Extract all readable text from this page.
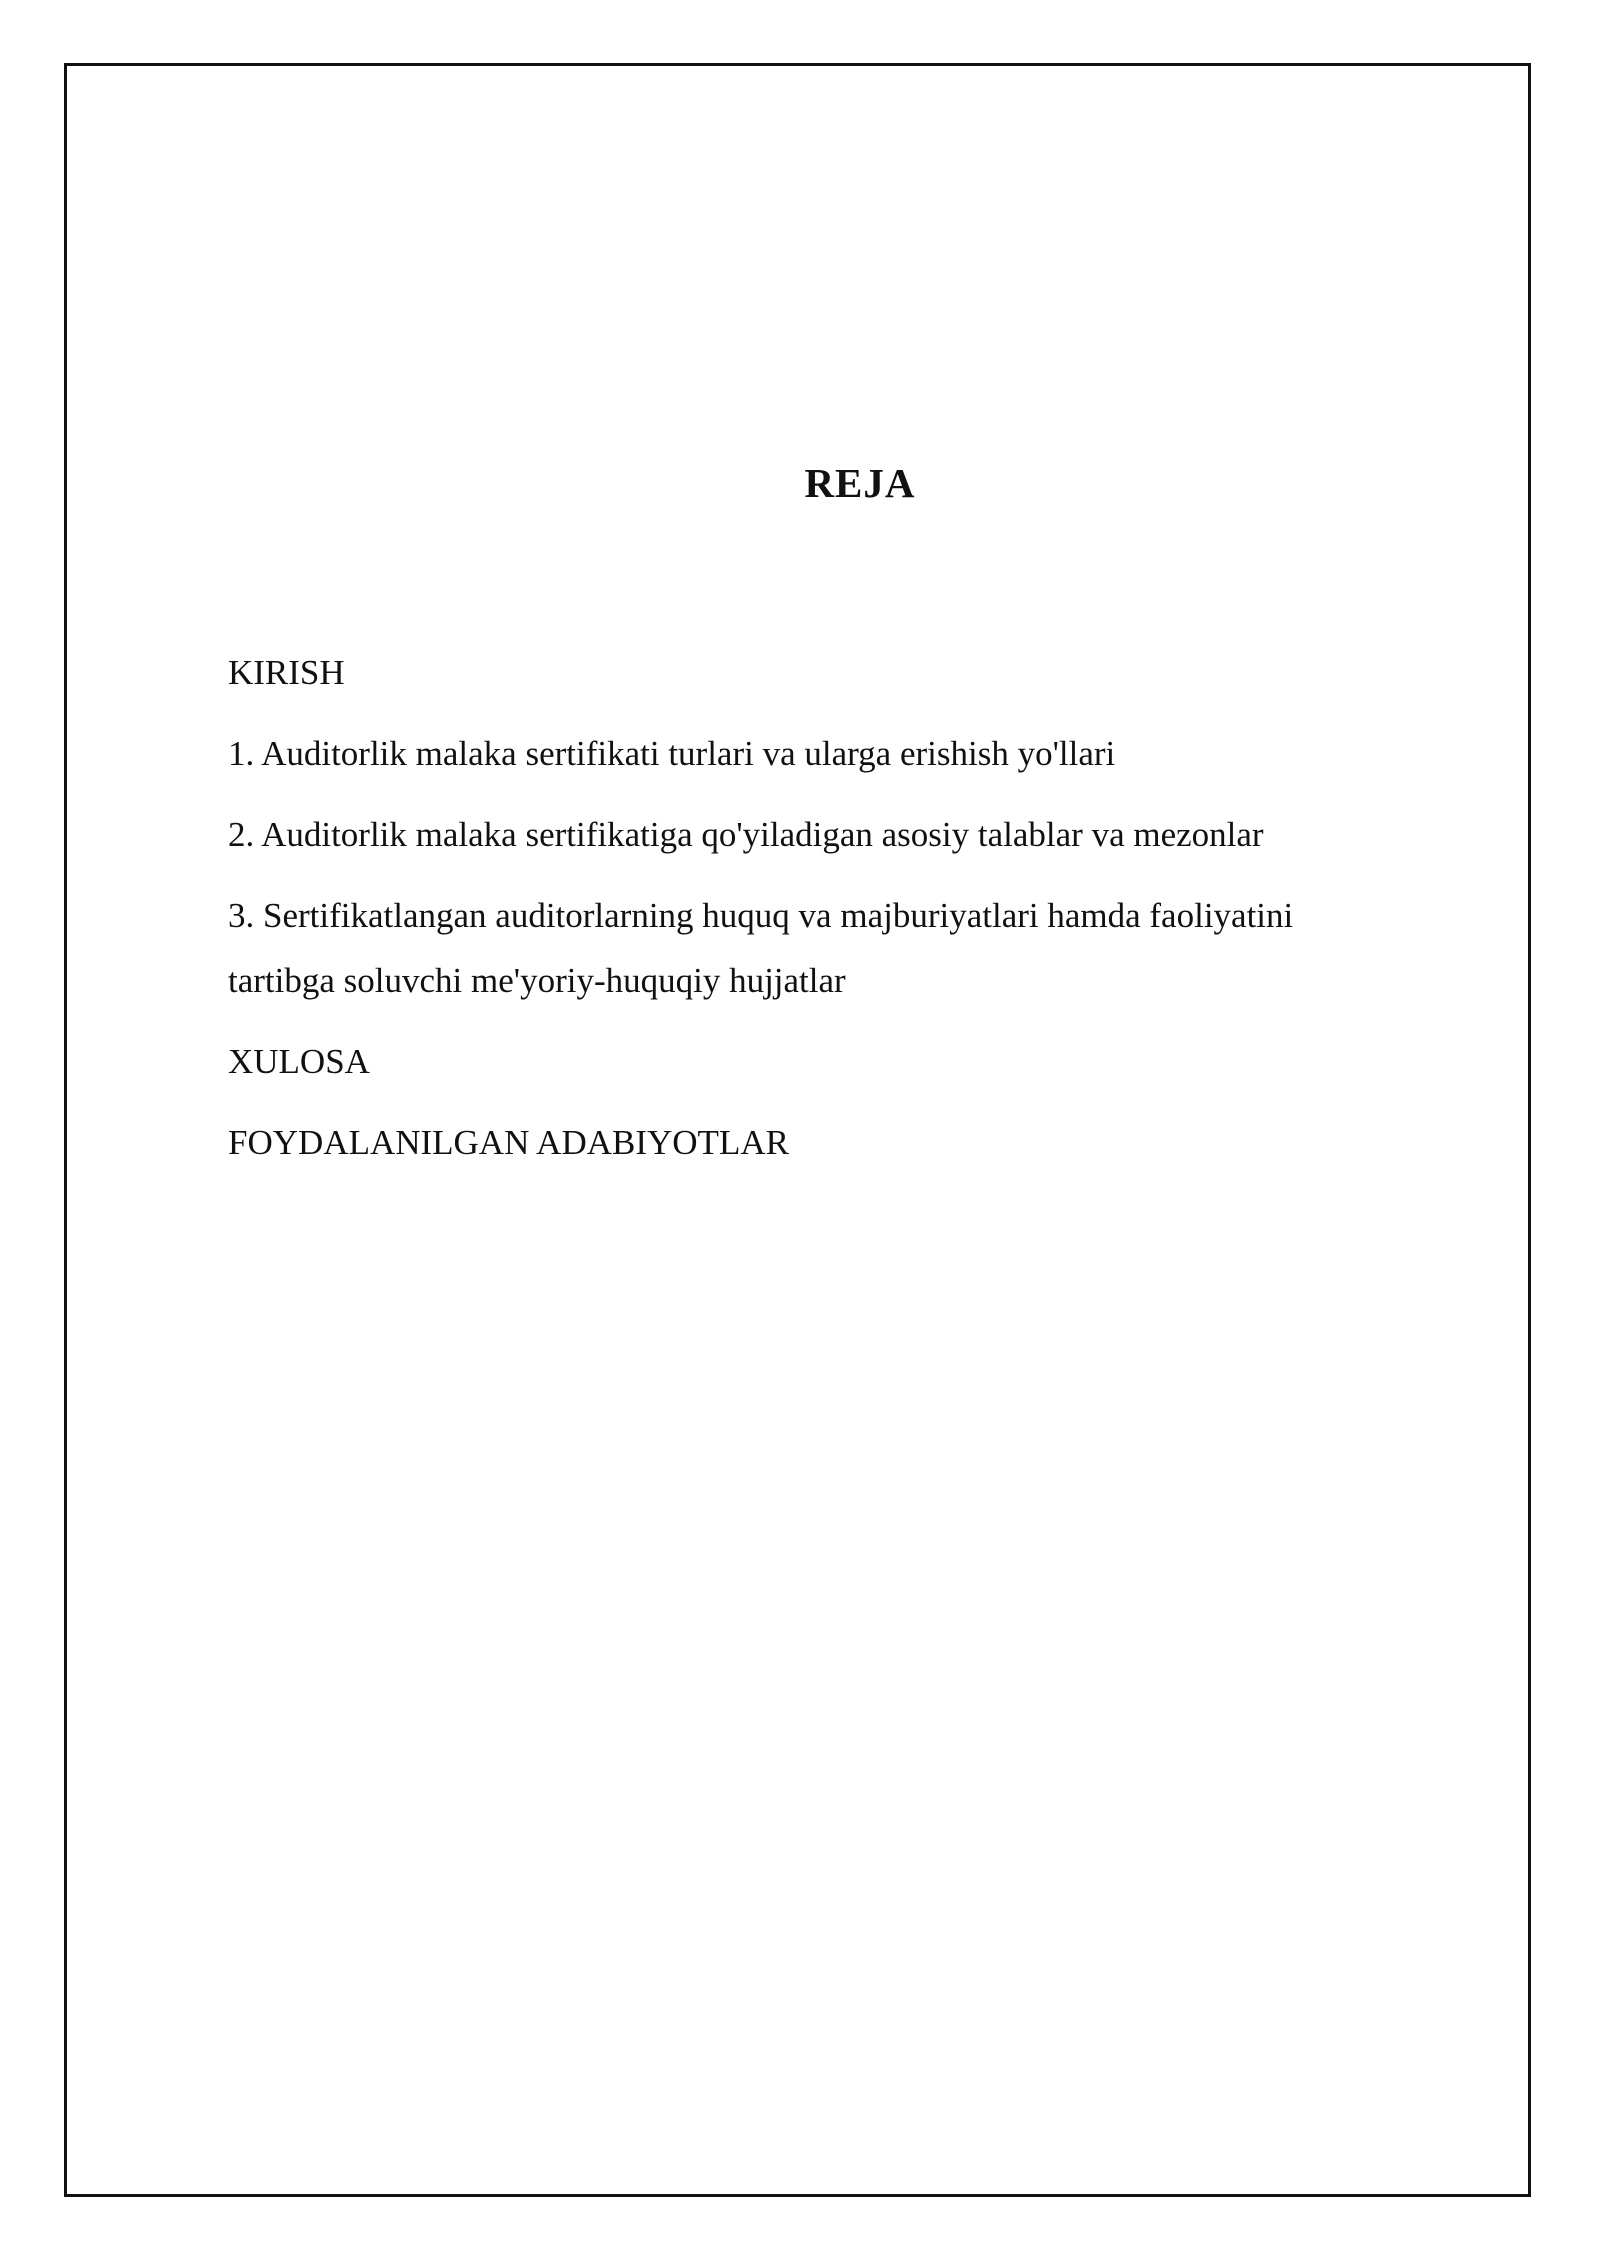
REJA
KIRISH
1. Auditorlik malaka sertifikati turlari va ularga erishish yo'llari
2. Auditorlik malaka sertifikatiga qo'yiladigan asosiy talablar va mezonlar
3. Sertifikatlangan auditorlarning huquq va majburiyatlari hamda faoliyatini tartibga soluvchi me'yoriy-huquqiy hujjatlar
XULOSA
FOYDALANILGAN ADABIYOTLAR
